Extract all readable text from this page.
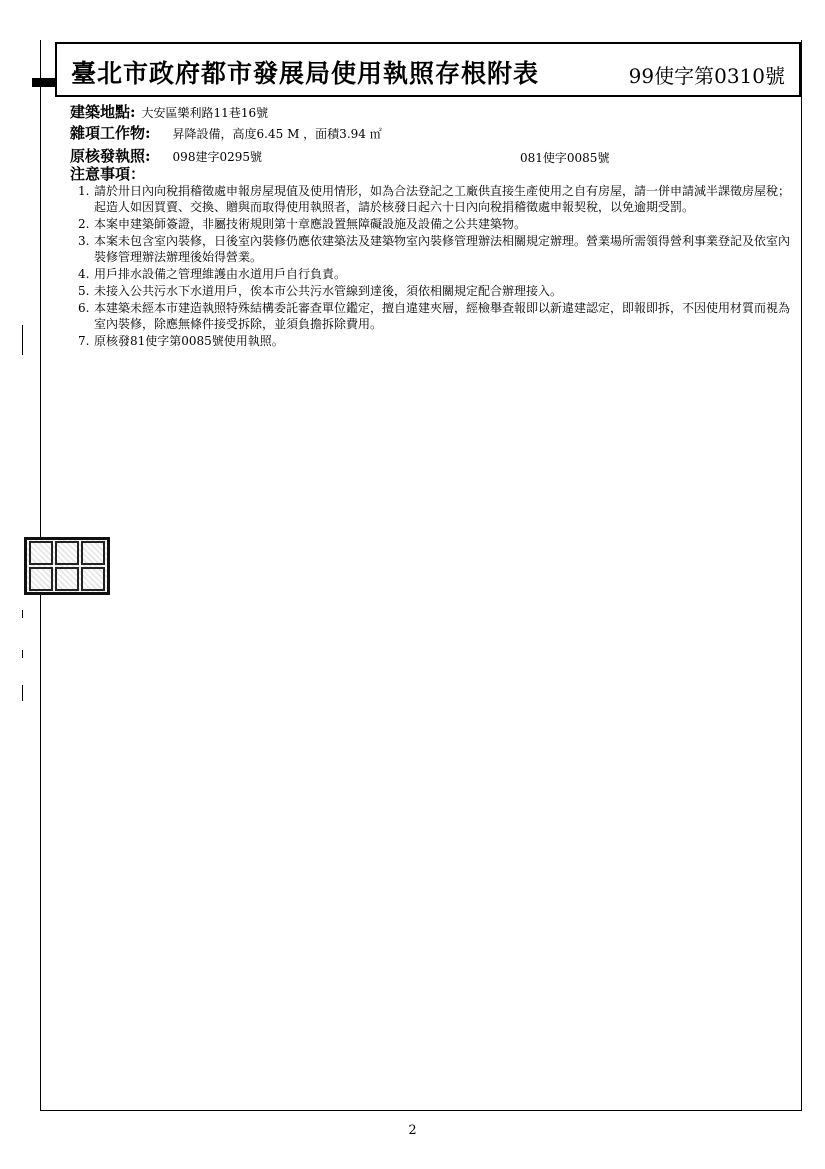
臺北市政府都市發展局使用執照存根附表	99使字第0310號
建築地點: 大安區樂利路11巷16號
雜項工作物: 昇降設備，高度6.45 M ，面積3.94 ㎡
原核發執照: 098建字0295號	081使字0085號
注意事項：
1. 請於卅日內向稅捐稽徵處申報房屋現值及使用情形，如為合法登記之工廠供直接生產使用之自有房屋，請一併申請減半課徵房屋稅；起造人如因買賣、交換、贈與而取得使用執照者，請於核發日起六十日內向稅捐稽徵處申報契稅，以免逾期受罰。
2. 本案申建築師簽證，非屬技術規則第十章應設置無障礙設施及設備之公共建築物。
3. 本案未包含室內裝修，日後室內裝修仍應依建築法及建築物室內裝修管理辦法相關規定辦理。營業場所需領得營利事業登記及依室內裝修管理辦法辦理後始得營業。
4. 用戶排水設備之管理維護由水道用戶自行負責。
5. 未接入公共污水下水道用戶，俟本市公共污水管線到達後，須依相關規定配合辦理接入。
6. 本建築未經本市建造執照特殊結構委託審查單位鑑定，擅自違建夾層，經檢舉查報即以新違建認定，即報即拆，不因使用材質而視為室內裝修，除應無條件接受拆除，並須負擔拆除費用。
7. 原核發81使字第0085號使用執照。
2
